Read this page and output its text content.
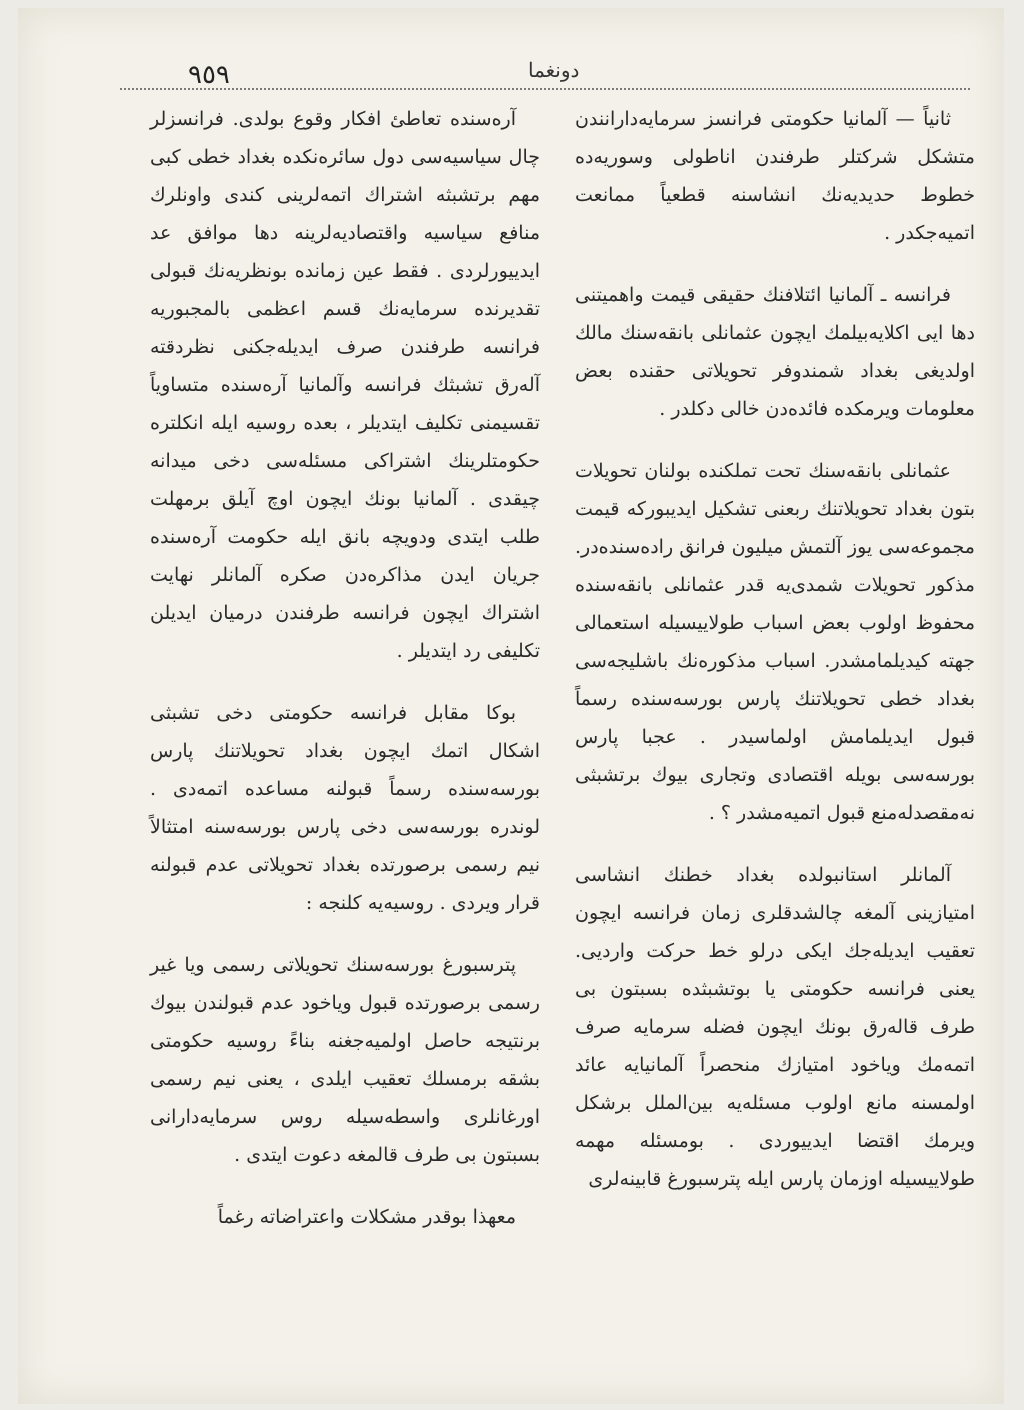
٩٥٩	دونغما

ثانياً — آلمانيا حكومتى فرانسز سرمايه‌دارانندن متشكل شركتلر طرفندن اناطولى وسوريه‌ده خطوط حديديه‌نك انشاسنه قطعياً ممانعت اتميه‌جكدر .

فرانسه ـ آلمانيا ائتلافنك حقيقى قيمت واهميتنى دها ايى اكلايه‌بيلمك ايچون عثمانلى بانقه‌سنك مالك اولديغى بغداد شمندوفر تحويلاتى حقنده بعض معلومات ويرمكده فائده‌دن خالى دكلدر .

عثمانلى بانقه‌سنك تحت تملكنده بولنان تحويلات بتون بغداد تحويلاتنك ربعنى تشكيل ايديبوركه قيمت مجموعه‌سى يوز آلتمش ميليون فرانق راده‌سنده‌در. مذكور تحويلات شمدى‌يه قدر عثمانلى بانقه‌سنده محفوظ اولوب بعض اسباب طولاييسيله استعمالى جهته كيديلمامشدر. اسباب مذكوره‌نك باشليجه‌سى بغداد خطى تحويلاتنك پارس بورسه‌سنده رسماً قبول ايديلمامش اولماسيدر . عجبا پارس بورسه‌سى بويله اقتصادى وتجارى بيوك برتشبثى نه‌مقصدله‌منع قبول اتميه‌مشدر ؟ .

آلمانلر استانبولده بغداد خطنك انشاسى امتيازينى آلمغه چالشدقلرى زمان فرانسه ايچون تعقيب ايديله‌جك ايكى درلو خط حركت وارديى. يعنى فرانسه حكومتى يا بوتشبثده بسبتون بى طرف قاله‌رق بونك ايچون فضله سرمايه صرف اتمه‌مك وياخود امتيازك منحصراً آلمانيايه عائد اولمسنه مانع اولوب مسئله‌يه بين‌الملل برشكل ويرمك اقتضا ايدييوردى . بومسئله مهمه طولاييسيله اوزمان پارس ايله پترسبورغ قابينه‌لرى

آره‌سنده تعاطئ افكار وقوع بولدى. فرانسزلر چال سياسيه‌سى دول سائره‌نكده بغداد خطى كبى مهم برتشبثه اشتراك اتمه‌لرينى كندى واونلرك منافع سياسيه واقتصاديه‌لرينه دها موافق عد ايدييورلردى . فقط عين زمانده بونظريه‌نك قبولى تقديرنده سرمايه‌نك قسم اعظمى بالمجبوريه فرانسه طرفندن صرف ايديله‌جكنى نظردقته آله‌رق تشبثك فرانسه وآلمانيا آره‌سنده متساوياً تقسيمنى تكليف ايتديلر ، بعده روسيه ايله انكلتره حكومتلرينك اشتراكى مسئله‌سى دخى ميدانه چيقدى . آلمانيا بونك ايچون اوچ آيلق برمهلت طلب ايتدى ودويچه بانق ايله حكومت آره‌سنده جريان ايدن مذاكره‌دن صكره آلمانلر نهايت اشتراك ايچون فرانسه طرفندن درميان ايديلن تكليفى رد ايتديلر .

بوكا مقابل فرانسه حكومتى دخى تشبثى اشكال اتمك ايچون بغداد تحويلاتنك پارس بورسه‌سنده رسماً قبولنه مساعده اتمه‌دى . لوندره بورسه‌سى دخى پارس بورسه‌سنه امتثالاً نيم رسمى برصورتده بغداد تحويلاتى عدم قبولنه قرار ويردى . روسيه‌يه كلنجه :

پترسبورغ بورسه‌سنك تحويلاتى رسمى ويا غير رسمى برصورتده قبول وياخود عدم قبولندن بيوك برنتيجه حاصل اولميه‌جغنه بناءً روسيه حكومتى بشقه برمسلك تعقيب ايلدى ، يعنى نيم رسمى اورغانلرى واسطه‌سيله روس سرمايه‌دارانى بسبتون بى طرف قالمغه دعوت ايتدى .

معهذا بوقدر مشكلات واعتراضاته رغماً
